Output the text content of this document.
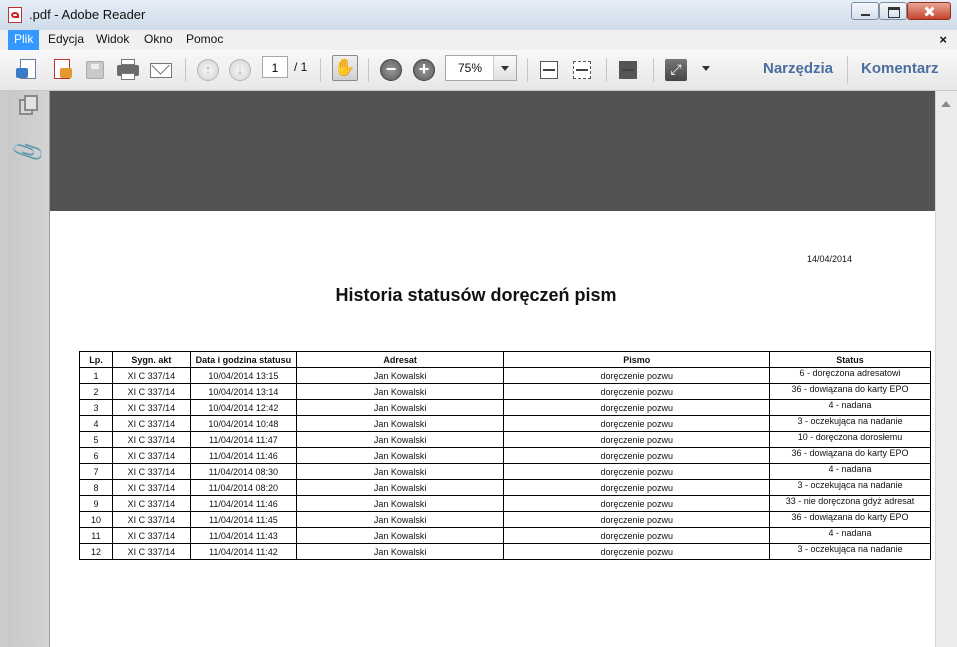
.pdf - Adobe Reader
Plik	Edycja Widok	Okno	Pomoc	×
↑	↓	−	+	⤢
1	/ 1 ✋	75%	Narzędzia Komentarz
📎
14/04/2014
Historia statusów doręczeń pism
Lp.	Sygn. akt	Data i godzina statusu	Adresat	Pismo	Status
1	XI C 337/14	10/04/2014 13:15	Jan Kowalski	doręczenie pozwu	6 - doręczona adresatowi
2	XI C 337/14	10/04/2014 13:14	Jan Kowalski	doręczenie pozwu	36 - dowiązana do karty EPO
3	XI C 337/14	10/04/2014 12:42	Jan Kowalski	doręczenie pozwu	4 - nadana
4	XI C 337/14	10/04/2014 10:48	Jan Kowalski	doręczenie pozwu	3 - oczekująca na nadanie
5	XI C 337/14	11/04/2014 11:47	Jan Kowalski	doręczenie pozwu	10 - doręczona dorosłemu
6	XI C 337/14	11/04/2014 11:46	Jan Kowalski	doręczenie pozwu	36 - dowiązana do karty EPO
7	XI C 337/14	11/04/2014 08:30	Jan Kowalski	doręczenie pozwu	4 - nadana
8	XI C 337/14	11/04/2014 08:20	Jan Kowalski	doręczenie pozwu	3 - oczekująca na nadanie
9	XI C 337/14	11/04/2014 11:46	Jan Kowalski	doręczenie pozwu	33 - nie doręczona gdyż adresat
10	XI C 337/14	11/04/2014 11:45	Jan Kowalski	doręczenie pozwu	36 - dowiązana do karty EPO
11	XI C 337/14	11/04/2014 11:43	Jan Kowalski	doręczenie pozwu	4 - nadana
12	XI C 337/14	11/04/2014 11:42	Jan Kowalski	doręczenie pozwu	3 - oczekująca na nadanie
